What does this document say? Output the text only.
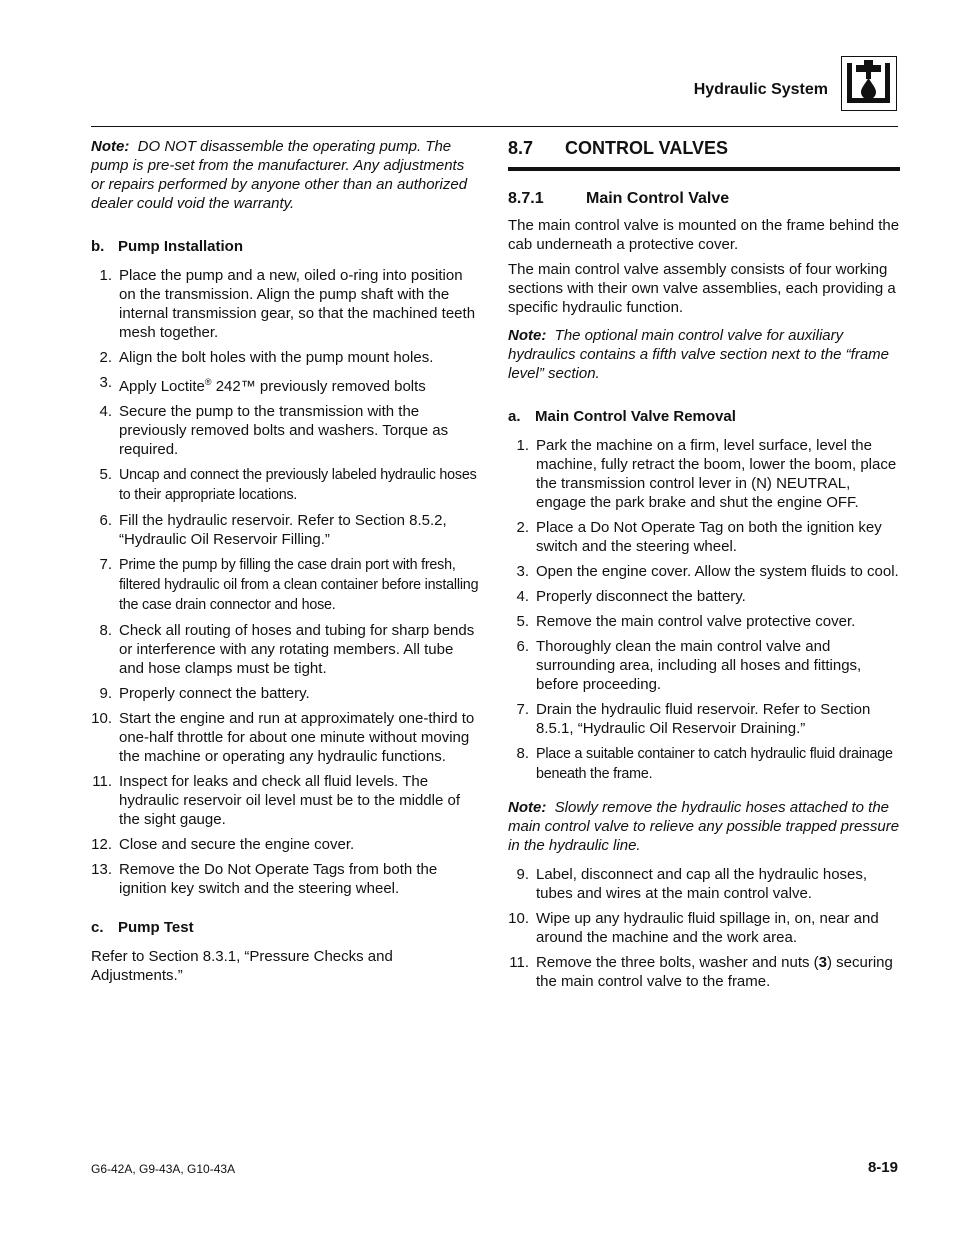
Hydraulic System

Note: DO NOT disassemble the operating pump. The pump is pre-set from the manufacturer. Any adjustments or repairs performed by anyone other than an authorized dealer could void the warranty.

b. Pump Installation
1. Place the pump and a new, oiled o-ring into position on the transmission. Align the pump shaft with the internal transmission gear, so that the machined teeth mesh together.
2. Align the bolt holes with the pump mount holes.
3. Apply Loctite® 242™ previously removed bolts
4. Secure the pump to the transmission with the previously removed bolts and washers. Torque as required.
5. Uncap and connect the previously labeled hydraulic hoses to their appropriate locations.
6. Fill the hydraulic reservoir. Refer to Section 8.5.2, “Hydraulic Oil Reservoir Filling.”
7. Prime the pump by filling the case drain port with fresh, filtered hydraulic oil from a clean container before installing the case drain connector and hose.
8. Check all routing of hoses and tubing for sharp bends or interference with any rotating members. All tube and hose clamps must be tight.
9. Properly connect the battery.
10. Start the engine and run at approximately one-third to one-half throttle for about one minute without moving the machine or operating any hydraulic functions.
11. Inspect for leaks and check all fluid levels. The hydraulic reservoir oil level must be to the middle of the sight gauge.
12. Close and secure the engine cover.
13. Remove the Do Not Operate Tags from both the ignition key switch and the steering wheel.
c. Pump Test

Refer to Section 8.3.1, “Pressure Checks and Adjustments.”

8.7 CONTROL VALVES
8.7.1	Main Control Valve

The main control valve is mounted on the frame behind the cab underneath a protective cover.

The main control valve assembly consists of four working sections with their own valve assemblies, each providing a specific hydraulic function.

Note: The optional main control valve for auxiliary hydraulics contains a fifth valve section next to the “frame level” section.

a. Main Control Valve Removal
1. Park the machine on a firm, level surface, level the machine, fully retract the boom, lower the boom, place the transmission control lever in (N) NEUTRAL, engage the park brake and shut the engine OFF.
2. Place a Do Not Operate Tag on both the ignition key switch and the steering wheel.
3. Open the engine cover. Allow the system fluids to cool.
4. Properly disconnect the battery.
5. Remove the main control valve protective cover.
6. Thoroughly clean the main control valve and surrounding area, including all hoses and fittings, before proceeding.
7. Drain the hydraulic fluid reservoir. Refer to Section 8.5.1, “Hydraulic Oil Reservoir Draining.”
8. Place a suitable container to catch hydraulic fluid drainage beneath the frame.

Note: Slowly remove the hydraulic hoses attached to the main control valve to relieve any possible trapped pressure in the hydraulic line.

9. Label, disconnect and cap all the hydraulic hoses, tubes and wires at the main control valve.
10. Wipe up any hydraulic fluid spillage in, on, near and around the machine and the work area.
11. Remove the three bolts, washer and nuts (3) securing the main control valve to the frame.
G6-42A, G9-43A, G10-43A	8-19
